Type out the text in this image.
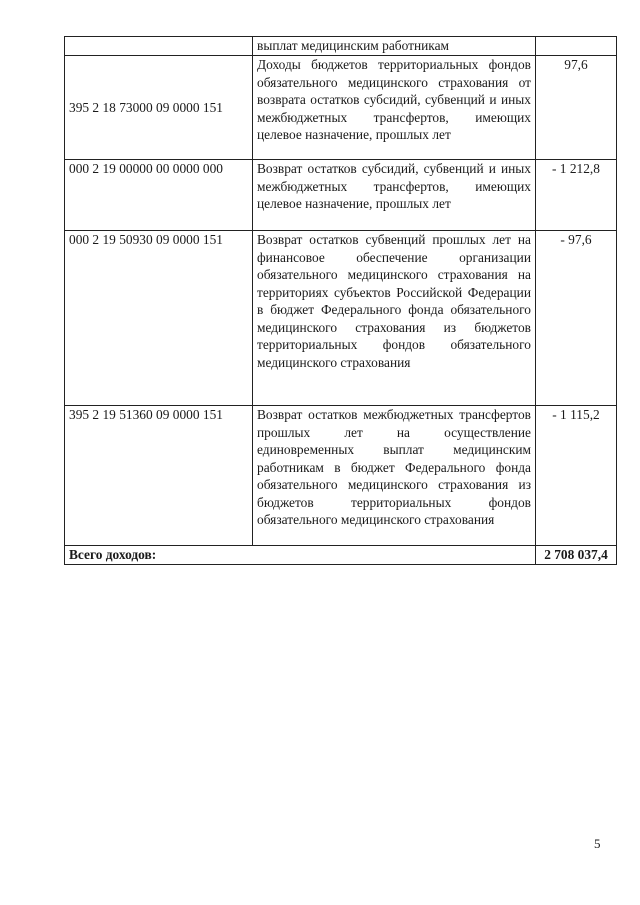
	выплат медицинским работникам	
395 2 18 73000 09 0000 151	Доходы бюджетов территориальных фондов обязательного медицинского страхования от возврата остатков субсидий, субвенций и иных межбюджетных трансфертов, имеющих целевое назначение, прошлых лет	97,6
000 2 19 00000 00 0000 000	Возврат остатков субсидий, субвенций и иных межбюджетных трансфертов, имеющих целевое назначение, прошлых лет	- 1 212,8
000 2 19 50930 09 0000 151	Возврат остатков субвенций прошлых лет на финансовое обеспечение организации обязательного медицинского страхования на территориях субъектов Российской Федерации в бюджет Федерального фонда обязательного медицинского страхования из бюджетов территориальных фондов обязательного медицинского страхования	- 97,6
395 2 19 51360 09 0000 151	Возврат остатков межбюджетных трансфертов прошлых лет на осуществление единовременных выплат медицинским работникам в бюджет Федерального фонда обязательного медицинского страхования из бюджетов территориальных фондов обязательного медицинского страхования	- 1 115,2
Всего доходов:		2 708 037,4
5
